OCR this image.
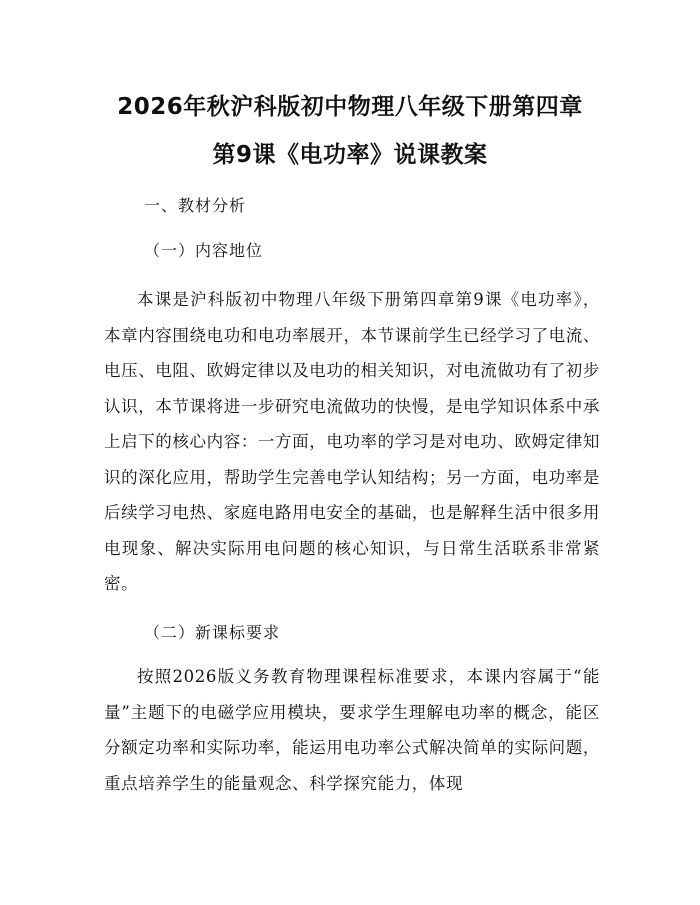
2026年秋沪科版初中物理八年级下册第四章
第9课《电功率》说课教案
一、教材分析
（一）内容地位
本课是沪科版初中物理八年级下册第四章第9课《电功率》，本章内容围绕电功和电功率展开，本节课前学生已经学习了电流、电压、电阻、欧姆定律以及电功的相关知识，对电流做功有了初步认识，本节课将进一步研究电流做功的快慢，是电学知识体系中承上启下的核心内容：一方面，电功率的学习是对电功、欧姆定律知识的深化应用，帮助学生完善电学认知结构；另一方面，电功率是后续学习电热、家庭电路用电安全的基础，也是解释生活中很多用电现象、解决实际用电问题的核心知识，与日常生活联系非常紧密。
（二）新课标要求
按照2026版义务教育物理课程标准要求，本课内容属于“能量”主题下的电磁学应用模块，要求学生理解电功率的概念，能区分额定功率和实际功率，能运用电功率公式解决简单的实际问题，重点培养学生的能量观念、科学探究能力，体现
